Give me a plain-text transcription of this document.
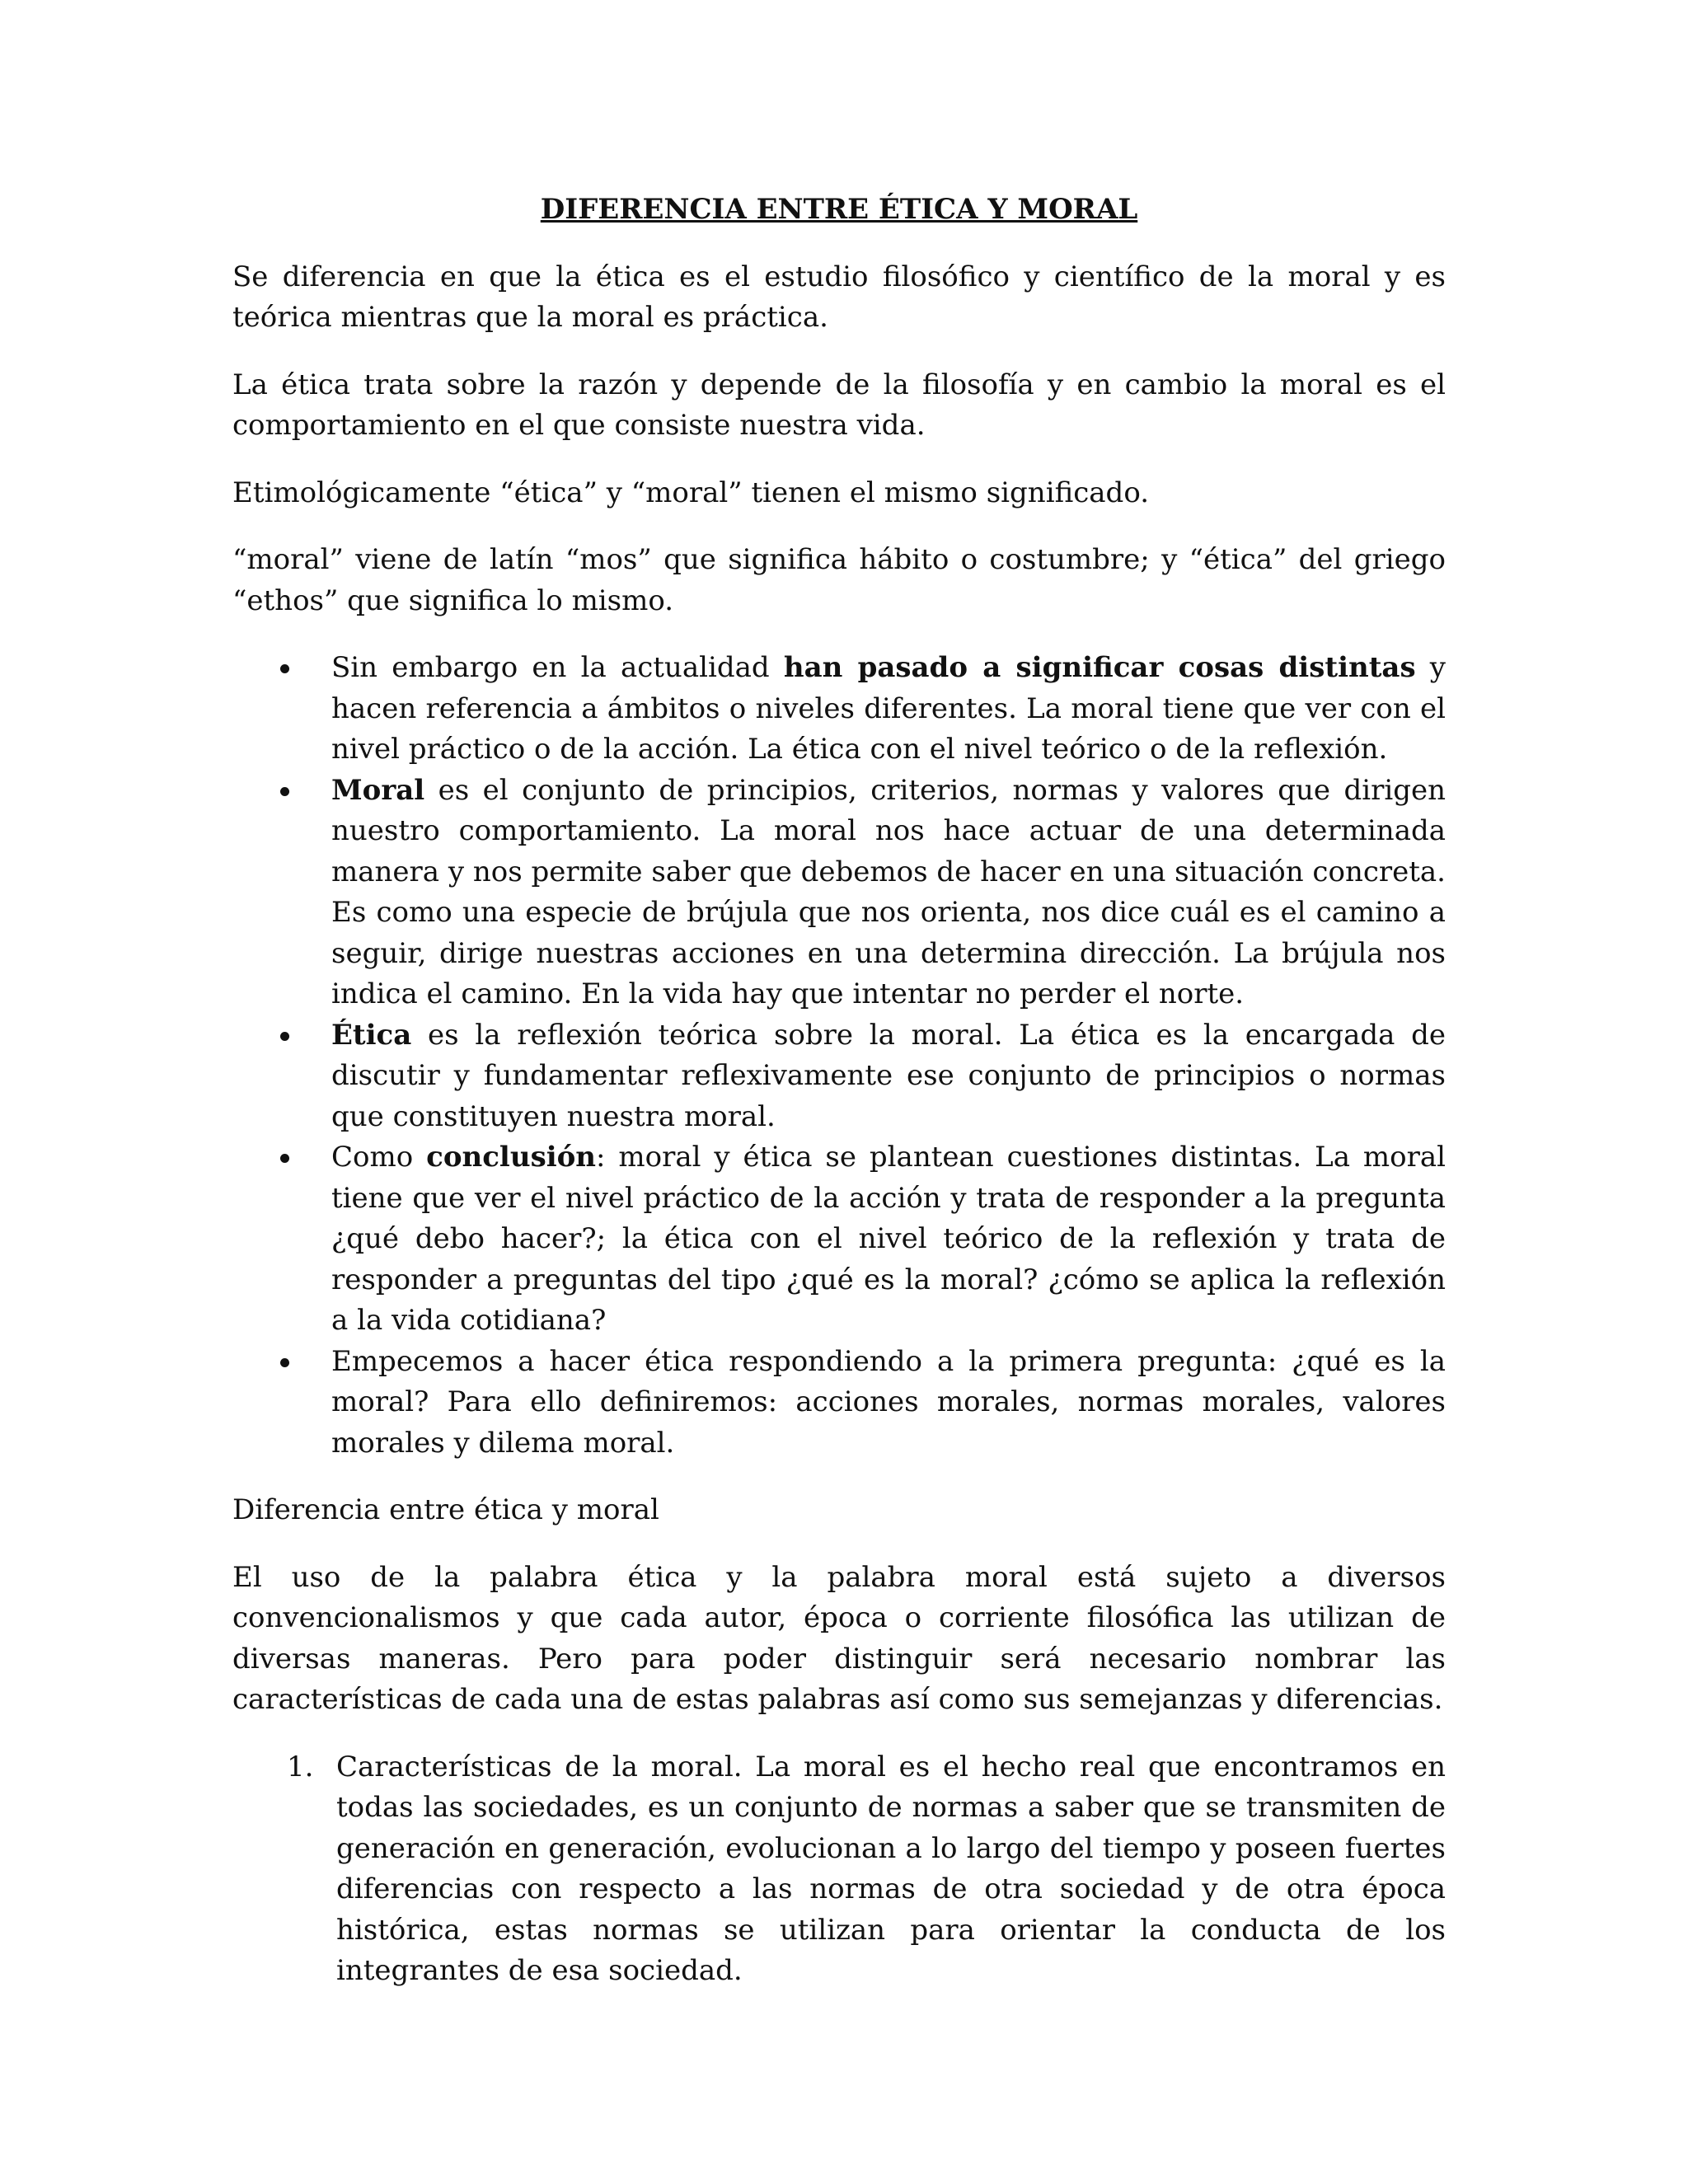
DIFERENCIA ENTRE ÉTICA Y MORAL

Se diferencia en que la ética es el estudio filosófico y científico de la moral y es teórica mientras que la moral es práctica.

La ética trata sobre la razón y depende de la filosofía y en cambio la moral es el comportamiento en el que consiste nuestra vida.

Etimológicamente “ética” y “moral” tienen el mismo significado.

“moral” viene de latín “mos” que significa hábito o costumbre; y “ética” del griego “ethos” que significa lo mismo.

Sin embargo en la actualidad han pasado a significar cosas distintas y hacen referencia a ámbitos o niveles diferentes. La moral tiene que ver con el nivel práctico o de la acción. La ética con el nivel teórico o de la reflexión.
Moral es el conjunto de principios, criterios, normas y valores que dirigen nuestro comportamiento. La moral nos hace actuar de una determinada manera y nos permite saber que debemos de hacer en una situación concreta. Es como una especie de brújula que nos orienta, nos dice cuál es el camino a seguir, dirige nuestras acciones en una determina dirección. La brújula nos indica el camino. En la vida hay que intentar no perder el norte.
Ética es la reflexión teórica sobre la moral. La ética es la encargada de discutir y fundamentar reflexivamente ese conjunto de principios o normas que constituyen nuestra moral.
Como conclusión: moral y ética se plantean cuestiones distintas. La moral tiene que ver el nivel práctico de la acción y trata de responder a la pregunta ¿qué debo hacer?; la ética con el nivel teórico de la reflexión y trata de responder a preguntas del tipo ¿qué es la moral? ¿cómo se aplica la reflexión a la vida cotidiana?
Empecemos a hacer ética respondiendo a la primera pregunta: ¿qué es la moral? Para ello definiremos: acciones morales, normas morales, valores morales y dilema moral.

Diferencia entre ética y moral

El uso de la palabra ética y la palabra moral está sujeto a diversos convencionalismos y que cada autor, época o corriente filosófica las utilizan de diversas maneras. Pero para poder distinguir será necesario nombrar las características de cada una de estas palabras así como sus semejanzas y diferencias.

1. Características de la moral. La moral es el hecho real que encontramos en todas las sociedades, es un conjunto de normas a saber que se transmiten de generación en generación, evolucionan a lo largo del tiempo y poseen fuertes diferencias con respecto a las normas de otra sociedad y de otra época histórica, estas normas se utilizan para orientar la conducta de los integrantes de esa sociedad.
